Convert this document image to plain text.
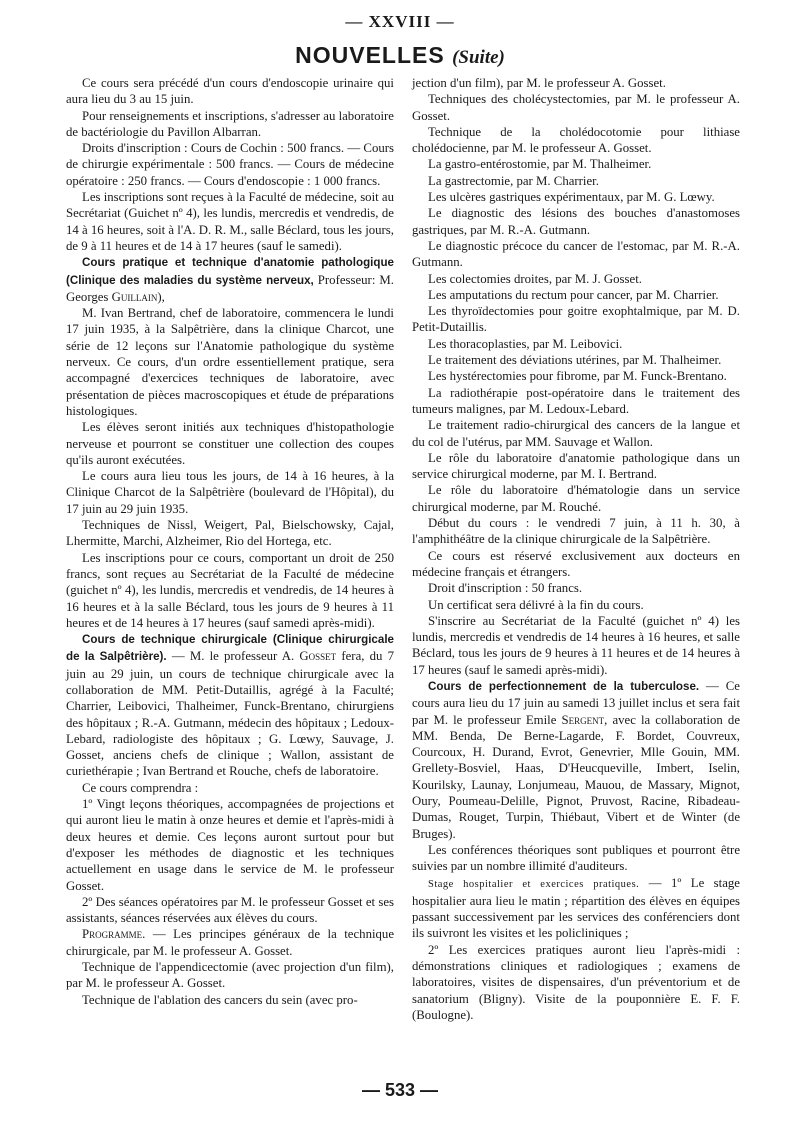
— XXVIII —
NOUVELLES (Suite)

Ce cours sera précédé d'un cours d'endoscopie urinaire qui aura lieu du 3 au 15 juin.

Pour renseignements et inscriptions, s'adresser au laboratoire de bactériologie du Pavillon Albarran.

Droits d'inscription : Cours de Cochin : 500 francs. — Cours de chirurgie expérimentale : 500 francs. — Cours de médecine opératoire : 250 francs. — Cours d'endoscopie : 1 000 francs.

Les inscriptions sont reçues à la Faculté de médecine, soit au Secrétariat (Guichet nº 4), les lundis, mercredis et vendredis, de 14 à 16 heures, soit à l'A. D. R. M., salle Béclard, tous les jours, de 9 à 11 heures et de 14 à 17 heures (sauf le samedi).

Cours pratique et technique d'anatomie pathologique (Clinique des maladies du système nerveux, Professeur: M. Georges Guillain),

M. Ivan Bertrand, chef de laboratoire, commencera le lundi 17 juin 1935, à la Salpêtrière, dans la clinique Charcot, une série de 12 leçons sur l'Anatomie pathologique du système nerveux. Ce cours, d'un ordre essentiellement pratique, sera accompagné d'exercices techniques de laboratoire, avec présentation de pièces macroscopiques et étude de préparations histologiques.

Les élèves seront initiés aux techniques d'histopathologie nerveuse et pourront se constituer une collection des coupes qu'ils auront exécutées.

Le cours aura lieu tous les jours, de 14 à 16 heures, à la Clinique Charcot de la Salpêtrière (boulevard de l'Hôpital), du 17 juin au 29 juin 1935.

Techniques de Nissl, Weigert, Pal, Bielschowsky, Cajal, Lhermitte, Marchi, Alzheimer, Rio del Hortega, etc.

Les inscriptions pour ce cours, comportant un droit de 250 francs, sont reçues au Secrétariat de la Faculté de médecine (guichet nº 4), les lundis, mercredis et vendredis, de 14 heures à 16 heures et à la salle Béclard, tous les jours de 9 heures à 11 heures et de 14 heures à 17 heures (sauf samedi après-midi).

Cours de technique chirurgicale (Clinique chirurgicale de la Salpêtrière). — M. le professeur A. Gosset fera, du 7 juin au 29 juin, un cours de technique chirurgicale avec la collaboration de MM. Petit-Dutaillis, agrégé à la Faculté; Charrier, Leibovici, Thalheimer, Funck-Brentano, chirurgiens des hôpitaux ; R.-A. Gutmann, médecin des hôpitaux ; Ledoux-Lebard, radiologiste des hôpitaux ; G. Lœwy, Sauvage, J. Gosset, anciens chefs de clinique ; Wallon, assistant de curiethérapie ; Ivan Bertrand et Rouche, chefs de laboratoire.

Ce cours comprendra :

1º Vingt leçons théoriques, accompagnées de projections et qui auront lieu le matin à onze heures et demie et l'après-midi à deux heures et demie. Ces leçons auront surtout pour but d'exposer les méthodes de diagnostic et les techniques actuellement en usage dans le service de M. le professeur Gosset.

2º Des séances opératoires par M. le professeur Gosset et ses assistants, séances réservées aux élèves du cours.

Programme. — Les principes généraux de la technique chirurgicale, par M. le professeur A. Gosset.

Technique de l'appendicectomie (avec projection d'un film), par M. le professeur A. Gosset.

Technique de l'ablation des cancers du sein (avec pro-

jection d'un film), par M. le professeur A. Gosset.

Techniques des cholécystectomies, par M. le professeur A. Gosset.

Technique de la cholédocotomie pour lithiase cholédocienne, par M. le professeur A. Gosset.

La gastro-entérostomie, par M. Thalheimer.

La gastrectomie, par M. Charrier.

Les ulcères gastriques expérimentaux, par M. G. Lœwy.

Le diagnostic des lésions des bouches d'anastomoses gastriques, par M. R.-A. Gutmann.

Le diagnostic précoce du cancer de l'estomac, par M. R.-A. Gutmann.

Les colectomies droites, par M. J. Gosset.

Les amputations du rectum pour cancer, par M. Charrier.

Les thyroïdectomies pour goitre exophtalmique, par M. D. Petit-Dutaillis.

Les thoracoplasties, par M. Leibovici.

Le traitement des déviations utérines, par M. Thalheimer.

Les hystérectomies pour fibrome, par M. Funck-Brentano.

La radiothérapie post-opératoire dans le traitement des tumeurs malignes, par M. Ledoux-Lebard.

Le traitement radio-chirurgical des cancers de la langue et du col de l'utérus, par MM. Sauvage et Wallon.

Le rôle du laboratoire d'anatomie pathologique dans un service chirurgical moderne, par M. I. Bertrand.

Le rôle du laboratoire d'hématologie dans un service chirurgical moderne, par M. Rouché.

Début du cours : le vendredi 7 juin, à 11 h. 30, à l'amphithéâtre de la clinique chirurgicale de la Salpêtrière.

Ce cours est réservé exclusivement aux docteurs en médecine français et étrangers.

Droit d'inscription : 50 francs.

Un certificat sera délivré à la fin du cours.

S'inscrire au Secrétariat de la Faculté (guichet nº 4) les lundis, mercredis et vendredis de 14 heures à 16 heures, et salle Béclard, tous les jours de 9 heures à 11 heures et de 14 heures à 17 heures (sauf le samedi après-midi).

Cours de perfectionnement de la tuberculose. — Ce cours aura lieu du 17 juin au samedi 13 juillet inclus et sera fait par M. le professeur Emile Sergent, avec la collaboration de MM. Benda, De Berne-Lagarde, F. Bordet, Couvreux, Courcoux, H. Durand, Evrot, Genevrier, Mlle Gouin, MM. Grellety-Bosviel, Haas, D'Heucqueville, Imbert, Iselin, Kourilsky, Launay, Lonjumeau, Mauou, de Massary, Mignot, Oury, Poumeau-Delille, Pignot, Pruvost, Racine, Ribadeau-Dumas, Rouget, Turpin, Thiébaut, Vibert et de Winter (de Bruges).

Les conférences théoriques sont publiques et pourront être suivies par un nombre illimité d'auditeurs.

Stage hospitalier et exercices pratiques. — 1º Le stage hospitalier aura lieu le matin ; répartition des élèves en équipes passant successivement par les services des conférenciers dont ils suivront les visites et les policliniques ;

2º Les exercices pratiques auront lieu l'après-midi : démonstrations cliniques et radiologiques ; examens de laboratoires, visites de dispensaires, d'un préventorium et de sanatorium (Bligny). Visite de la pouponnière E. F. F. (Boulogne).

— 533 —
